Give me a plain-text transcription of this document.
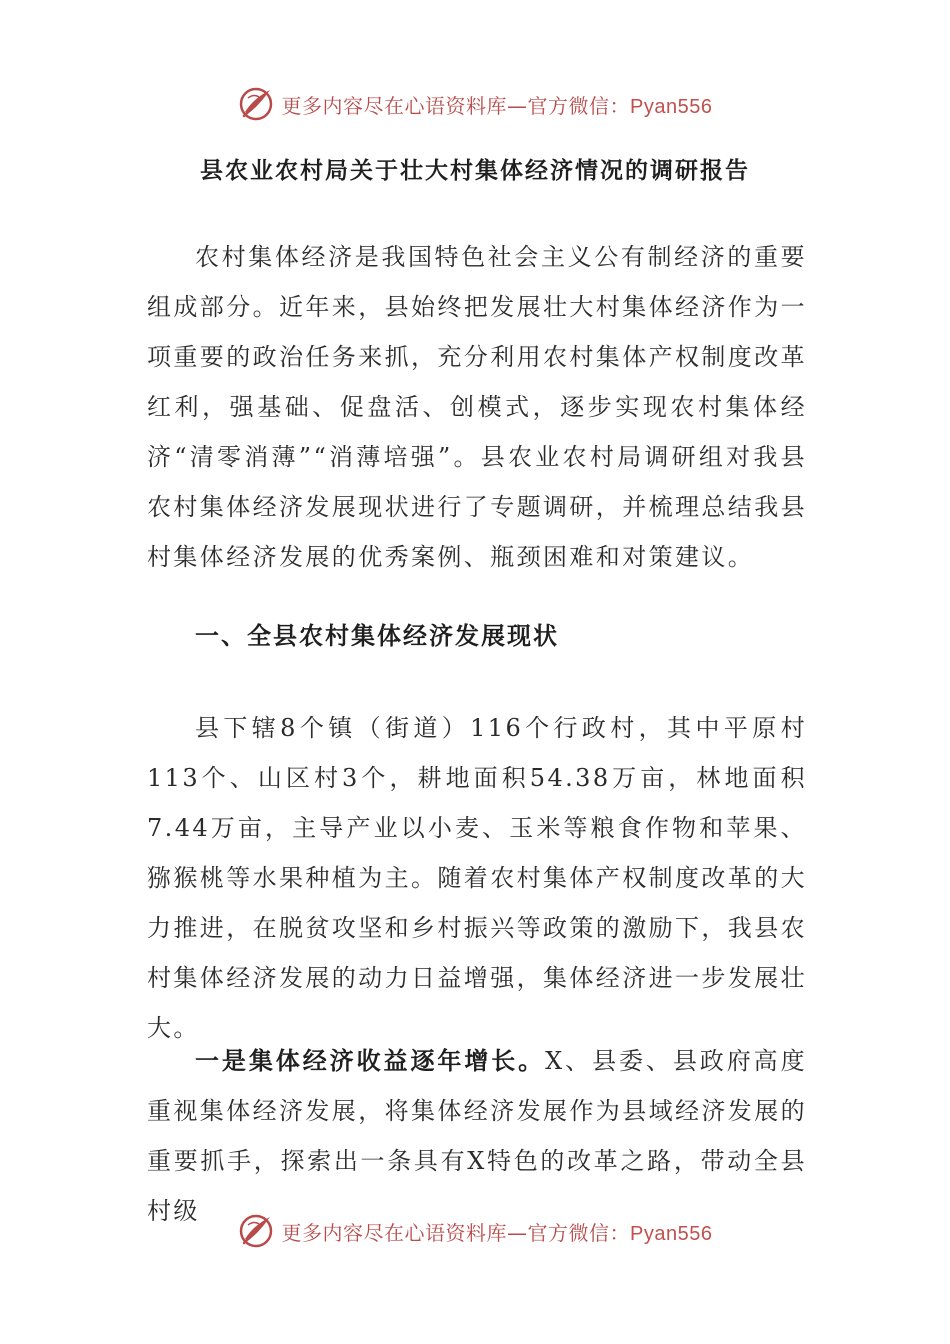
更多内容尽在心语资料库—官方微信：Pyan556
县农业农村局关于壮大村集体经济情况的调研报告

农村集体经济是我国特色社会主义公有制经济的重要组成部分。近年来，县始终把发展壮大村集体经济作为一项重要的政治任务来抓，充分利用农村集体产权制度改革红利，强基础、促盘活、创模式，逐步实现农村集体经济“清零消薄”“消薄培强”。县农业农村局调研组对我县农村集体经济发展现状进行了专题调研，并梳理总结我县村集体经济发展的优秀案例、瓶颈困难和对策建议。

一、全县农村集体经济发展现状

县下辖8个镇（街道）116个行政村，其中平原村113个、山区村3个，耕地面积54.38万亩，林地面积7.44万亩，主导产业以小麦、玉米等粮食作物和苹果、猕猴桃等水果种植为主。随着农村集体产权制度改革的大力推进，在脱贫攻坚和乡村振兴等政策的激励下，我县农村集体经济发展的动力日益增强，集体经济进一步发展壮大。

一是集体经济收益逐年增长。X、县委、县政府高度重视集体经济发展，将集体经济发展作为县域经济发展的重要抓手，探索出一条具有X特色的改革之路，带动全县村级

更多内容尽在心语资料库—官方微信：Pyan556
